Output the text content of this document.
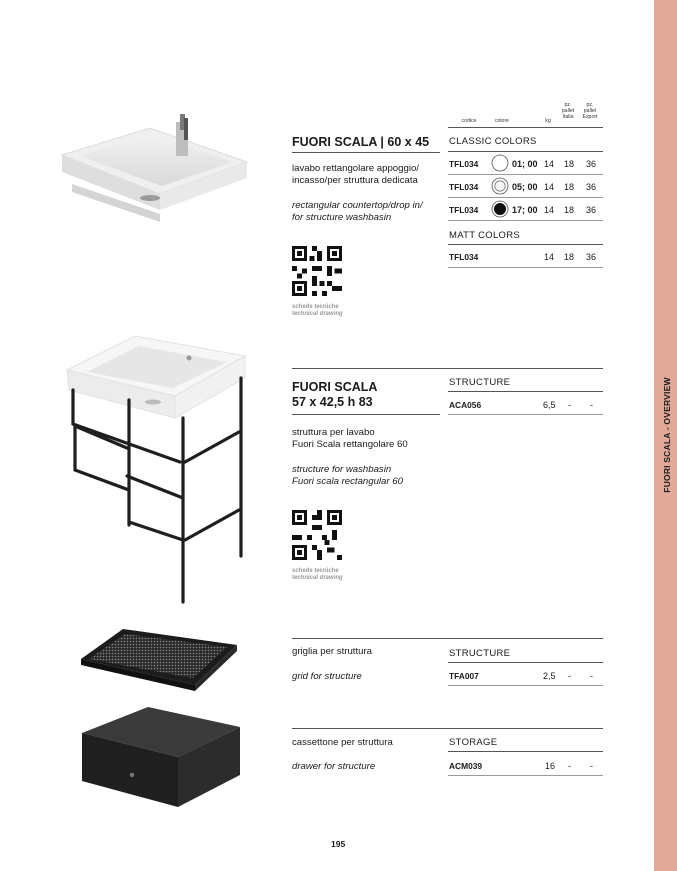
FUORI SCALA - OVERVIEW
codice	colore	kg
pz.
pallet
Italia
pz.
pallet
Export
FUORI SCALA | 60 x 45
lavabo rettangolare appoggio/
incasso/per struttura dedicata
rectangular countertop/drop in/
for structure washbasin
schede tecniche
technical drawing
CLASSIC COLORS
TFL034	01; 00 14 18 36
TFL034	05; 00 14 18 36
TFL034	17; 00 14 18 36
MATT COLORS
TFL034	14 18 36
FUORI SCALA
57 x 42,5 h 83
struttura per lavabo
Fuori Scala rettangolare 60
structure for washbasin
Fuori scala rectangular 60
schede tecniche
technical drawing
STRUCTURE
ACA056	6,5 - -
griglia per struttura
grid for structure
STRUCTURE
TFA007	2,5 - -
cassettone per struttura
drawer for structure
STORAGE
ACM039	16 - -
195
